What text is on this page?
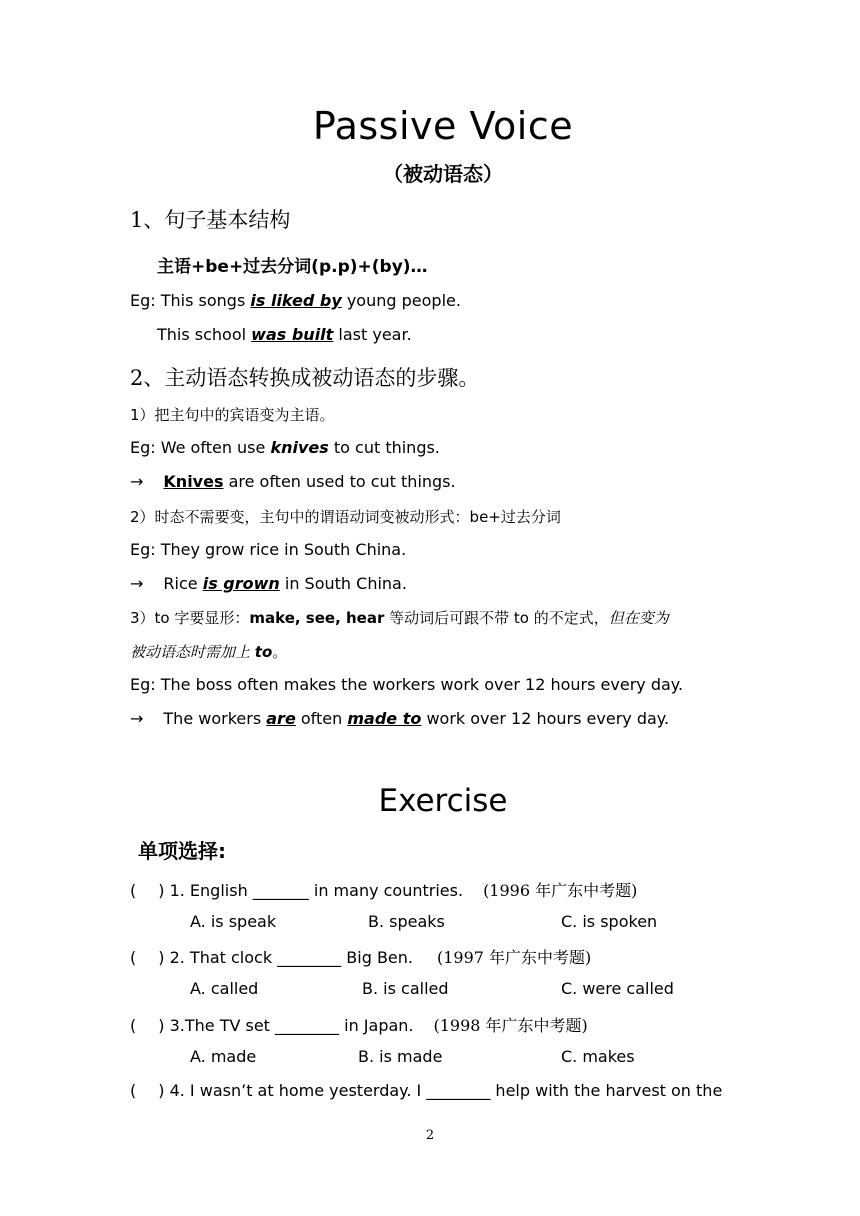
Passive Voice
（被动语态）
1、句子基本结构
主语+be+过去分词(p.p)+(by)…
Eg: This songs is liked by young people.
This school was built last year.
2、主动语态转换成被动语态的步骤。
1）把主句中的宾语变为主语。
Eg: We often use knives to cut things.
→ Knives are often used to cut things.
2）时态不需要变，主句中的谓语动词变被动形式：be+过去分词
Eg: They grow rice in South China.
→ Rice is grown in South China.
3）to 字要显形：make, see, hear 等动词后可跟不带 to 的不定式，但在变为
被动语态时需加上 to。
Eg: The boss often makes the workers work over 12 hours every day.
→ The workers are often made to work over 12 hours every day.
Exercise
单项选择:
( ) 1. English _______ in many countries. (1996 年广东中考题)
A. is speak	B. speaks	C. is spoken
( ) 2. That clock ________ Big Ben. (1997 年广东中考题)
A. called	B. is called	C. were called
( ) 3.The TV set ________ in Japan. (1998 年广东中考题)
A. made	B. is made	C. makes
( ) 4. I wasn’t at home yesterday. I ________ help with the harvest on the
2
